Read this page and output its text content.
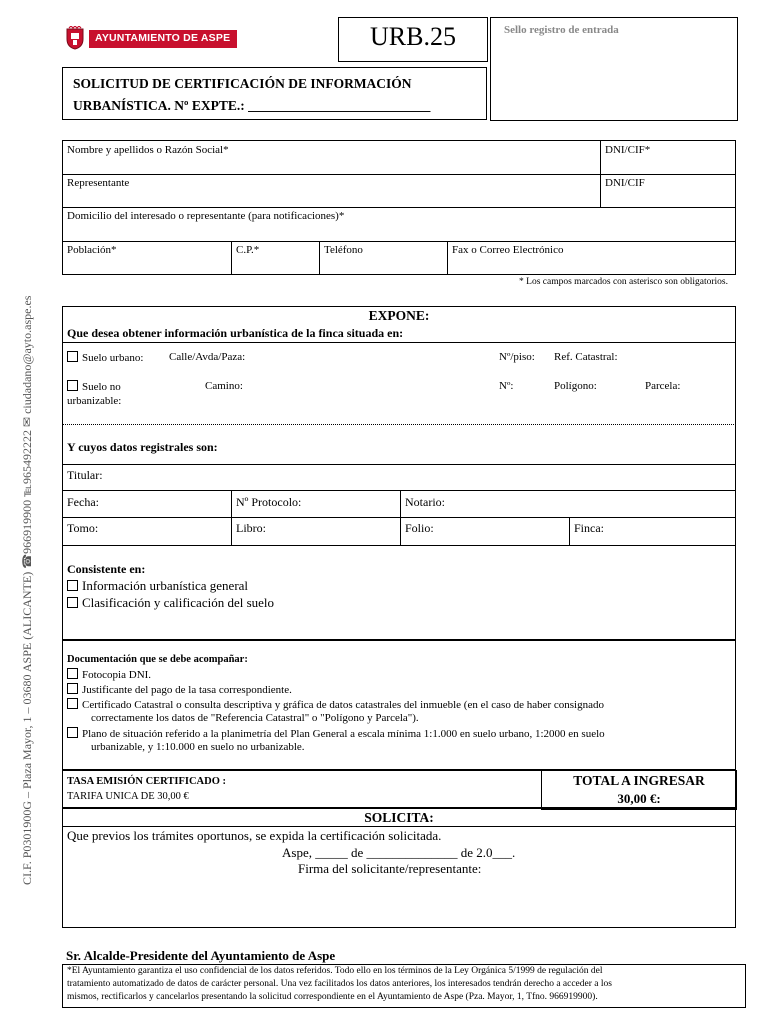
AYUNTAMIENTO DE ASPE	URB.25	Sello registro de entrada
SOLICITUD DE CERTIFICACIÓN DE INFORMACIÓN
URBANÍSTICA. Nº EXPTE.: ___________________________
CI.F. P0301900G – Plaza Mayor, 1 – 03680 ASPE (ALICANTE) ☎966919900 ℡965492222 ✉ ciudadano@ayto.aspe.es
Nombre y apellidos o Razón Social*	DNI/CIF*
Representante	DNI/CIF
Domicilio del interesado o representante (para notificaciones)*
Población*	C.P.*	Teléfono	Fax o Correo Electrónico
* Los campos marcados con asterisco son obligatorios.
EXPONE:
Que desea obtener información urbanística de la finca situada en:
Suelo urbano: Calle/Avda/Paza:	Nº/piso: Ref. Catastral:
Suelo no
urbanizable:
Camino:	Nº:	Polígono:	Parcela:
Y cuyos datos registrales son:
Titular:
Fecha:	Nº Protocolo:	Notario:
Tomo:	Libro:	Folio:	Finca:
Consistente en:
Información urbanística general
Clasificación y calificación del suelo
Documentación que se debe acompañar:
Fotocopia DNI.
Justificante del pago de la tasa correspondiente.
Certificado Catastral o consulta descriptiva y gráfica de datos catastrales del inmueble (en el caso de haber consignado
correctamente los datos de "Referencia Catastral" o "Polígono y Parcela").
Plano de situación referido a la planimetría del Plan General a escala mínima 1:1.000 en suelo urbano, 1:2000 en suelo
urbanizable, y 1:10.000 en suelo no urbanizable.
TASA EMISIÓN CERTIFICADO :
TARIFA UNICA DE 30,00 €
TOTAL A INGRESAR
30,00 €:
SOLICITA:
Que previos los trámites oportunos, se expida la certificación solicitada.
Aspe, _____ de ______________ de 2.0___.
Firma del solicitante/representante:
Sr. Alcalde-Presidente del Ayuntamiento de Aspe
*El Ayuntamiento garantiza el uso confidencial de los datos referidos. Todo ello en los términos de la Ley Orgánica 5/1999 de regulación del
tratamiento automatizado de datos de carácter personal. Una vez facilitados los datos anteriores, los interesados tendrán derecho a acceder a los
mismos, rectificarlos y cancelarlos presentando la solicitud correspondiente en el Ayuntamiento de Aspe (Pza. Mayor, 1, Tfno. 966919900).
